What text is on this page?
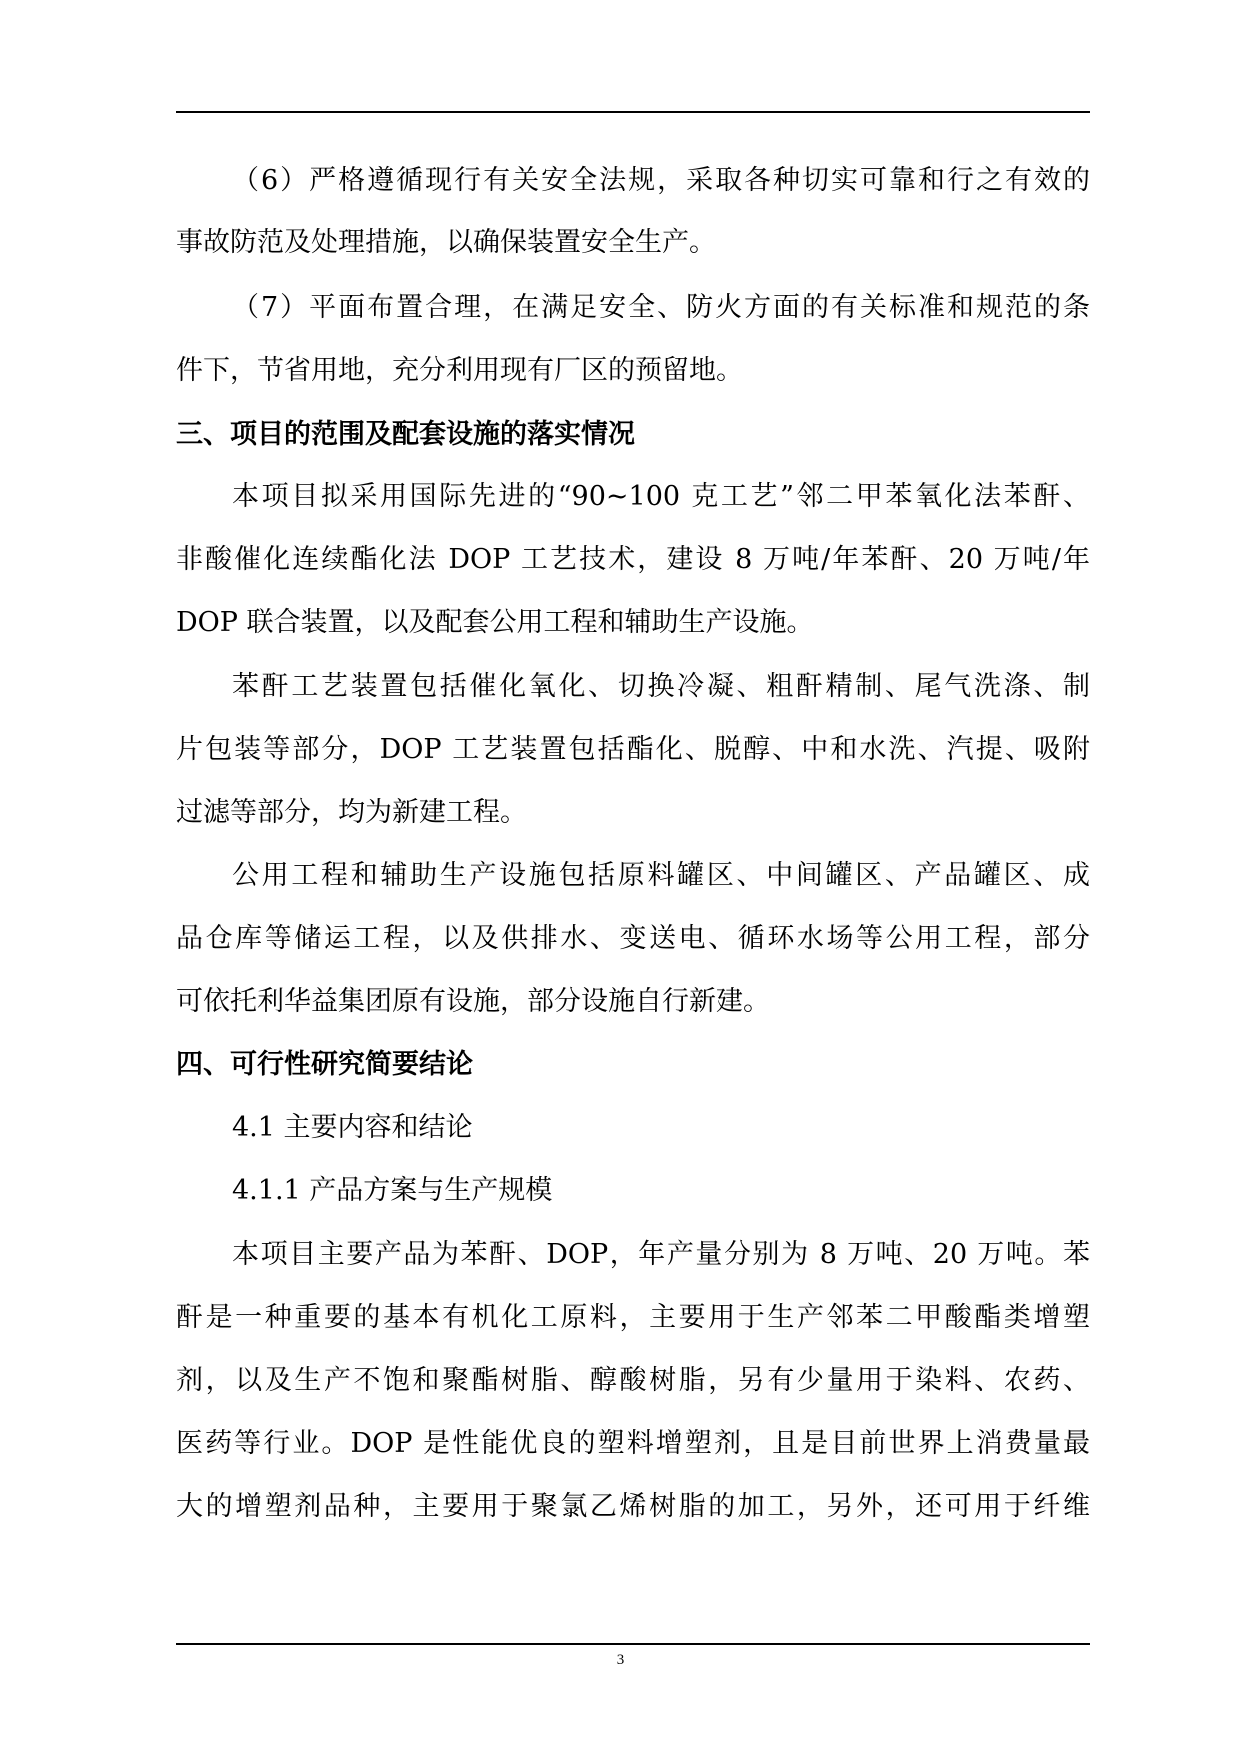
（6）严格遵循现行有关安全法规，采取各种切实可靠和行之有效的
事故防范及处理措施，以确保装置安全生产。
（7）平面布置合理，在满足安全、防火方面的有关标准和规范的条
件下，节省用地，充分利用现有厂区的预留地。
三、项目的范围及配套设施的落实情况
本项目拟采用国际先进的“90~100 克工艺”邻二甲苯氧化法苯酐、
非酸催化连续酯化法 DOP 工艺技术，建设 8 万吨/年苯酐、20 万吨/年
DOP 联合装置，以及配套公用工程和辅助生产设施。
苯酐工艺装置包括催化氧化、切换冷凝、粗酐精制、尾气洗涤、制
片包装等部分，DOP 工艺装置包括酯化、脱醇、中和水洗、汽提、吸附
过滤等部分，均为新建工程。
公用工程和辅助生产设施包括原料罐区、中间罐区、产品罐区、成
品仓库等储运工程，以及供排水、变送电、循环水场等公用工程，部分
可依托利华益集团原有设施，部分设施自行新建。
四、可行性研究简要结论
4.1 主要内容和结论
4.1.1 产品方案与生产规模
本项目主要产品为苯酐、DOP，年产量分别为 8 万吨、20 万吨。苯
酐是一种重要的基本有机化工原料，主要用于生产邻苯二甲酸酯类增塑
剂，以及生产不饱和聚酯树脂、醇酸树脂，另有少量用于染料、农药、
医药等行业。DOP 是性能优良的塑料增塑剂，且是目前世界上消费量最
大的增塑剂品种，主要用于聚氯乙烯树脂的加工，另外，还可用于纤维
3
